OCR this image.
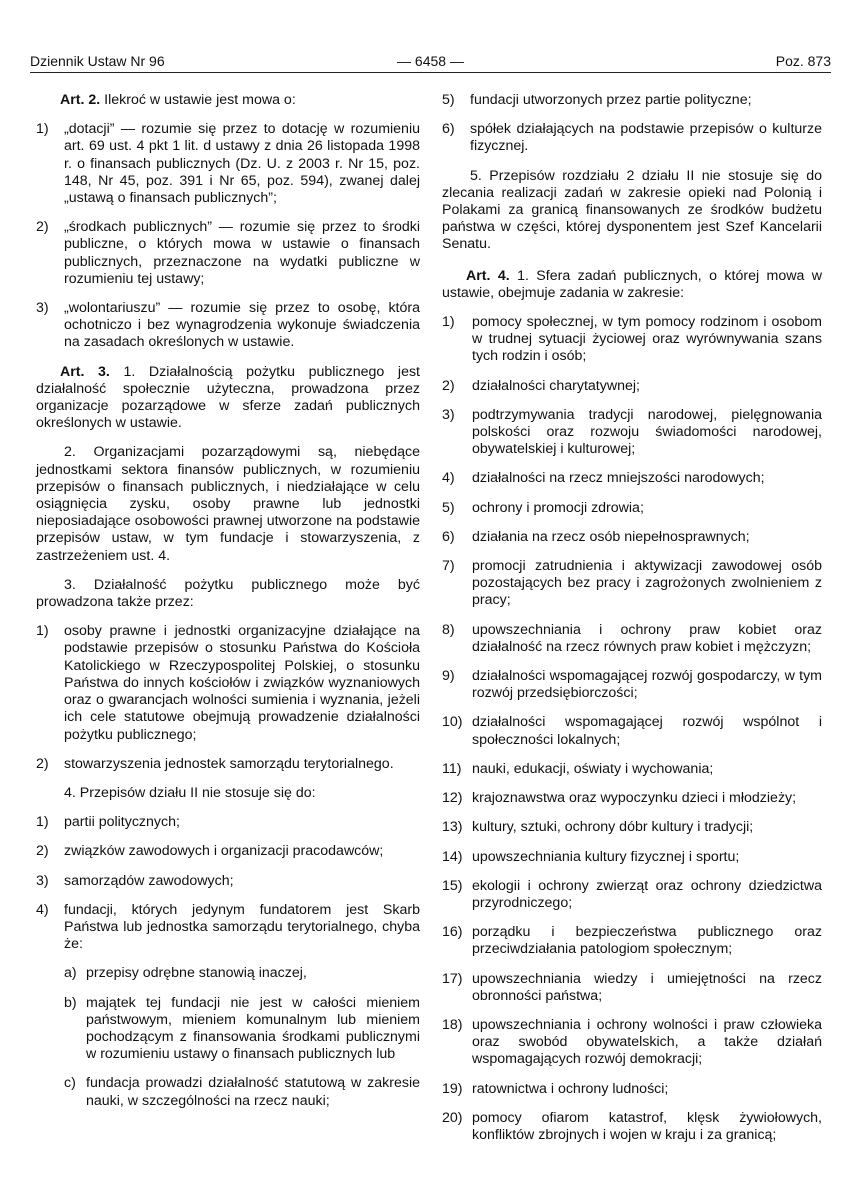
Dziennik Ustaw Nr 96	— 6458 —	Poz. 873

Art. 2. Ilekroć w ustawie jest mowa o:

1)	„dotacji” — rozumie się przez to dotację w rozumieniu art. 69 ust. 4 pkt 1 lit. d ustawy z dnia 26 listopada 1998 r. o finansach publicznych (Dz. U. z 2003 r. Nr 15, poz. 148, Nr 45, poz. 391 i Nr 65, poz. 594), zwanej dalej „ustawą o finansach publicznych”;
2)	„środkach publicznych” — rozumie się przez to środki publiczne, o których mowa w ustawie o finansach publicznych, przeznaczone na wydatki publiczne w rozumieniu tej ustawy;
3)	„wolontariuszu” — rozumie się przez to osobę, która ochotniczo i bez wynagrodzenia wykonuje świadczenia na zasadach określonych w ustawie.

Art. 3. 1. Działalnością pożytku publicznego jest działalność społecznie użyteczna, prowadzona przez organizacje pozarządowe w sferze zadań publicznych określonych w ustawie.

2. Organizacjami pozarządowymi są, niebędące jednostkami sektora finansów publicznych, w rozumieniu przepisów o finansach publicznych, i niedziałające w celu osiągnięcia zysku, osoby prawne lub jednostki nieposiadające osobowości prawnej utworzone na podstawie przepisów ustaw, w tym fundacje i stowarzyszenia, z zastrzeżeniem ust. 4.

3. Działalność pożytku publicznego może być prowadzona także przez:

1)	osoby prawne i jednostki organizacyjne działające na podstawie przepisów o stosunku Państwa do Kościoła Katolickiego w Rzeczypospolitej Polskiej, o stosunku Państwa do innych kościołów i związków wyznaniowych oraz o gwarancjach wolności sumienia i wyznania, jeżeli ich cele statutowe obejmują prowadzenie działalności pożytku publicznego;
2)	stowarzyszenia jednostek samorządu terytorialnego.

4. Przepisów działu II nie stosuje się do:

1)	partii politycznych;
2)	związków zawodowych i organizacji pracodawców;
3)	samorządów zawodowych;
4)	fundacji, których jedynym fundatorem jest Skarb Państwa lub jednostka samorządu terytorialnego, chyba że:
a) przepisy odrębne stanowią inaczej,
b) majątek tej fundacji nie jest w całości mieniem państwowym, mieniem komunalnym lub mieniem pochodzącym z finansowania środkami publicznymi w rozumieniu ustawy o finansach publicznych lub
c) fundacja prowadzi działalność statutową w zakresie nauki, w szczególności na rzecz nauki;
5)	fundacji utworzonych przez partie polityczne;
6)	spółek działających na podstawie przepisów o kulturze fizycznej.

5. Przepisów rozdziału 2 działu II nie stosuje się do zlecania realizacji zadań w zakresie opieki nad Polonią i Polakami za granicą finansowanych ze środków budżetu państwa w części, której dysponentem jest Szef Kancelarii Senatu.

Art. 4. 1. Sfera zadań publicznych, o której mowa w ustawie, obejmuje zadania w zakresie:

1)	pomocy społecznej, w tym pomocy rodzinom i osobom w trudnej sytuacji życiowej oraz wyrównywania szans tych rodzin i osób;
2)	działalności charytatywnej;
3)	podtrzymywania tradycji narodowej, pielęgnowania polskości oraz rozwoju świadomości narodowej, obywatelskiej i kulturowej;
4)	działalności na rzecz mniejszości narodowych;
5)	ochrony i promocji zdrowia;
6)	działania na rzecz osób niepełnosprawnych;
7)	promocji zatrudnienia i aktywizacji zawodowej osób pozostających bez pracy i zagrożonych zwolnieniem z pracy;
8)	upowszechniania i ochrony praw kobiet oraz działalność na rzecz równych praw kobiet i mężczyzn;
9)	działalności wspomagającej rozwój gospodarczy, w tym rozwój przedsiębiorczości;
10) działalności wspomagającej rozwój wspólnot i społeczności lokalnych;
11) nauki, edukacji, oświaty i wychowania;
12) krajoznawstwa oraz wypoczynku dzieci i młodzieży;
13) kultury, sztuki, ochrony dóbr kultury i tradycji;
14) upowszechniania kultury fizycznej i sportu;
15) ekologii i ochrony zwierząt oraz ochrony dziedzictwa przyrodniczego;
16) porządku i bezpieczeństwa publicznego oraz przeciwdziałania patologiom społecznym;
17) upowszechniania wiedzy i umiejętności na rzecz obronności państwa;
18) upowszechniania i ochrony wolności i praw człowieka oraz swobód obywatelskich, a także działań wspomagających rozwój demokracji;
19) ratownictwa i ochrony ludności;
20) pomocy ofiarom katastrof, klęsk żywiołowych, konfliktów zbrojnych i wojen w kraju i za granicą;
